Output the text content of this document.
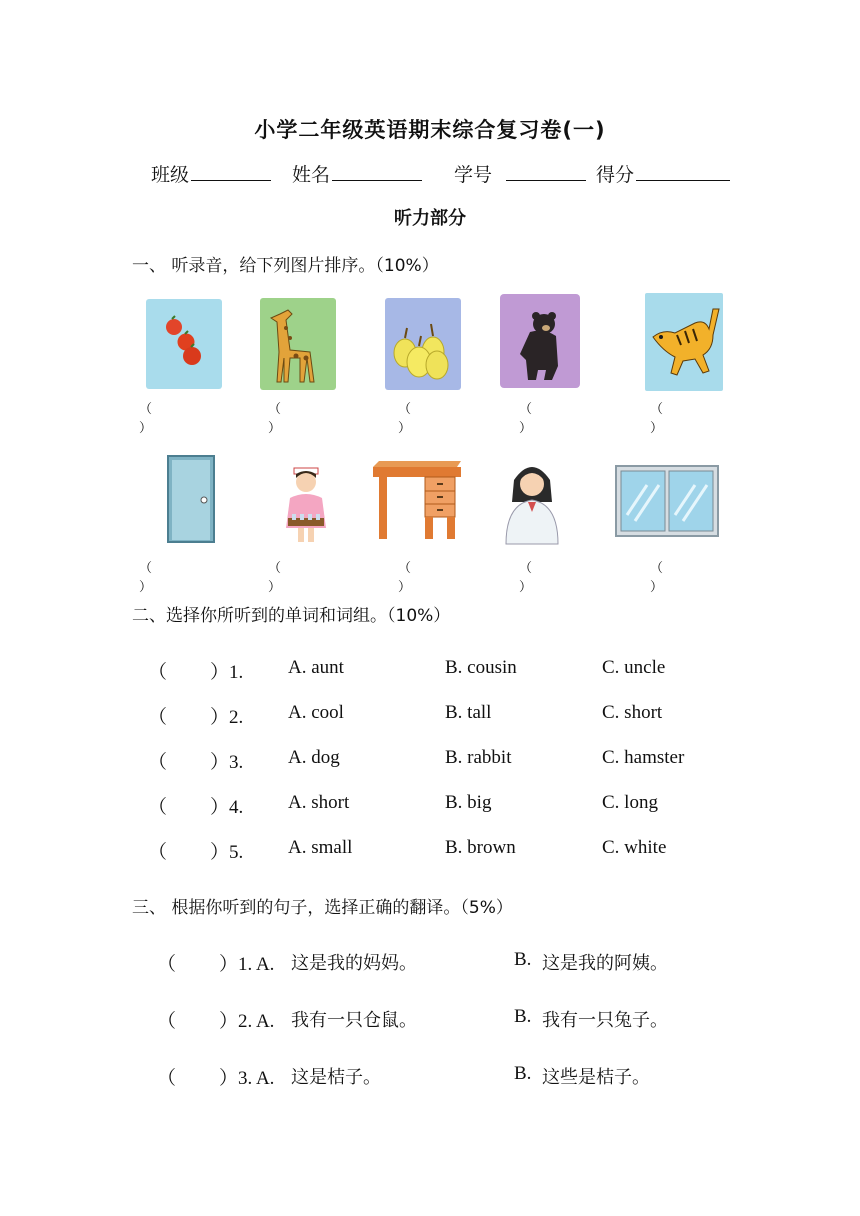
小学二年级英语期末综合复习卷(一)
班级	姓名	学号	得分
听力部分
一、 听录音，给下列图片排序。（10%）
（）
（）
（）
（）
（）
（）
（）
（）
（）
（）
二、选择你所听到的单词和词组。（10%）
（ ）1. A. aunt	B. cousin	C. uncle
（ ）2. A. cool	B. tall	C. short
（ ）3. A. dog	B. rabbit	C. hamster
（ ）4. A. short	B. big	C. long
（ ）5. A. small	B. brown	C. white
三、 根据你听到的句子，选择正确的翻译。（5%）
（ ）1. A. 这是我的妈妈。	B. 这是我的阿姨。
（ ）2. A. 我有一只仓鼠。	B. 我有一只兔子。
（ ）3. A. 这是桔子。	B. 这些是桔子。
